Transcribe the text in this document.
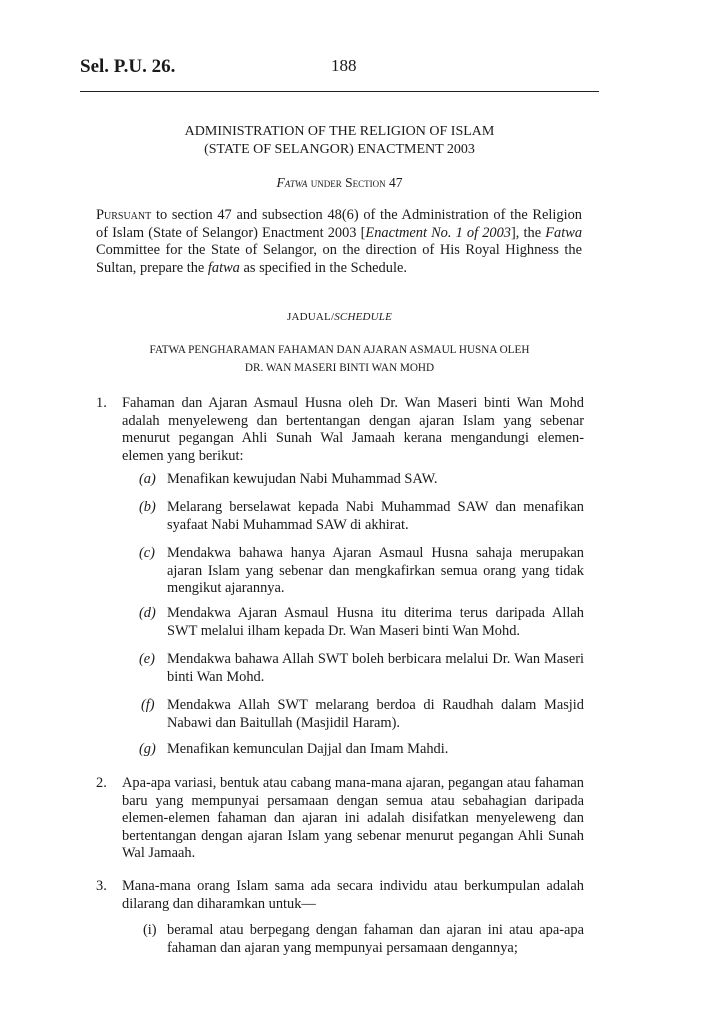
Sel. P.U. 26.	188
ADMINISTRATION OF THE RELIGION OF ISLAM
(STATE OF SELANGOR) ENACTMENT 2003
Fatwa under Section 47
Pursuant to section 47 and subsection 48(6) of the Administration of the Religion of Islam (State of Selangor) Enactment 2003 [Enactment No. 1 of 2003], the Fatwa Committee for the State of Selangor, on the direction of His Royal Highness the Sultan, prepare the fatwa as specified in the Schedule.
JADUAL/SCHEDULE
FATWA PENGHARAMAN FAHAMAN DAN AJARAN ASMAUL HUSNA OLEH
DR. WAN MASERI BINTI WAN MOHD
1. Fahaman dan Ajaran Asmaul Husna oleh Dr. Wan Maseri binti Wan Mohd adalah menyeleweng dan bertentangan dengan ajaran Islam yang sebenar menurut pegangan Ahli Sunah Wal Jamaah kerana mengandungi elemen-elemen yang berikut:
(a) Menafikan kewujudan Nabi Muhammad SAW.
(b) Melarang berselawat kepada Nabi Muhammad SAW dan menafikan syafaat Nabi Muhammad SAW di akhirat.
(c) Mendakwa bahawa hanya Ajaran Asmaul Husna sahaja merupakan ajaran Islam yang sebenar dan mengkafirkan semua orang yang tidak mengikut ajarannya.
(d) Mendakwa Ajaran Asmaul Husna itu diterima terus daripada Allah SWT melalui ilham kepada Dr. Wan Maseri binti Wan Mohd.
(e) Mendakwa bahawa Allah SWT boleh berbicara melalui Dr. Wan Maseri binti Wan Mohd.
(f) Mendakwa Allah SWT melarang berdoa di Raudhah dalam Masjid Nabawi dan Baitullah (Masjidil Haram).
(g) Menafikan kemunculan Dajjal dan Imam Mahdi.
2. Apa-apa variasi, bentuk atau cabang mana-mana ajaran, pegangan atau fahaman baru yang mempunyai persamaan dengan semua atau sebahagian daripada elemen-elemen fahaman dan ajaran ini adalah disifatkan menyeleweng dan bertentangan dengan ajaran Islam yang sebenar menurut pegangan Ahli Sunah Wal Jamaah.
3. Mana-mana orang Islam sama ada secara individu atau berkumpulan adalah dilarang dan diharamkan untuk—
(i) beramal atau berpegang dengan fahaman dan ajaran ini atau apa-apa fahaman dan ajaran yang mempunyai persamaan dengannya;
